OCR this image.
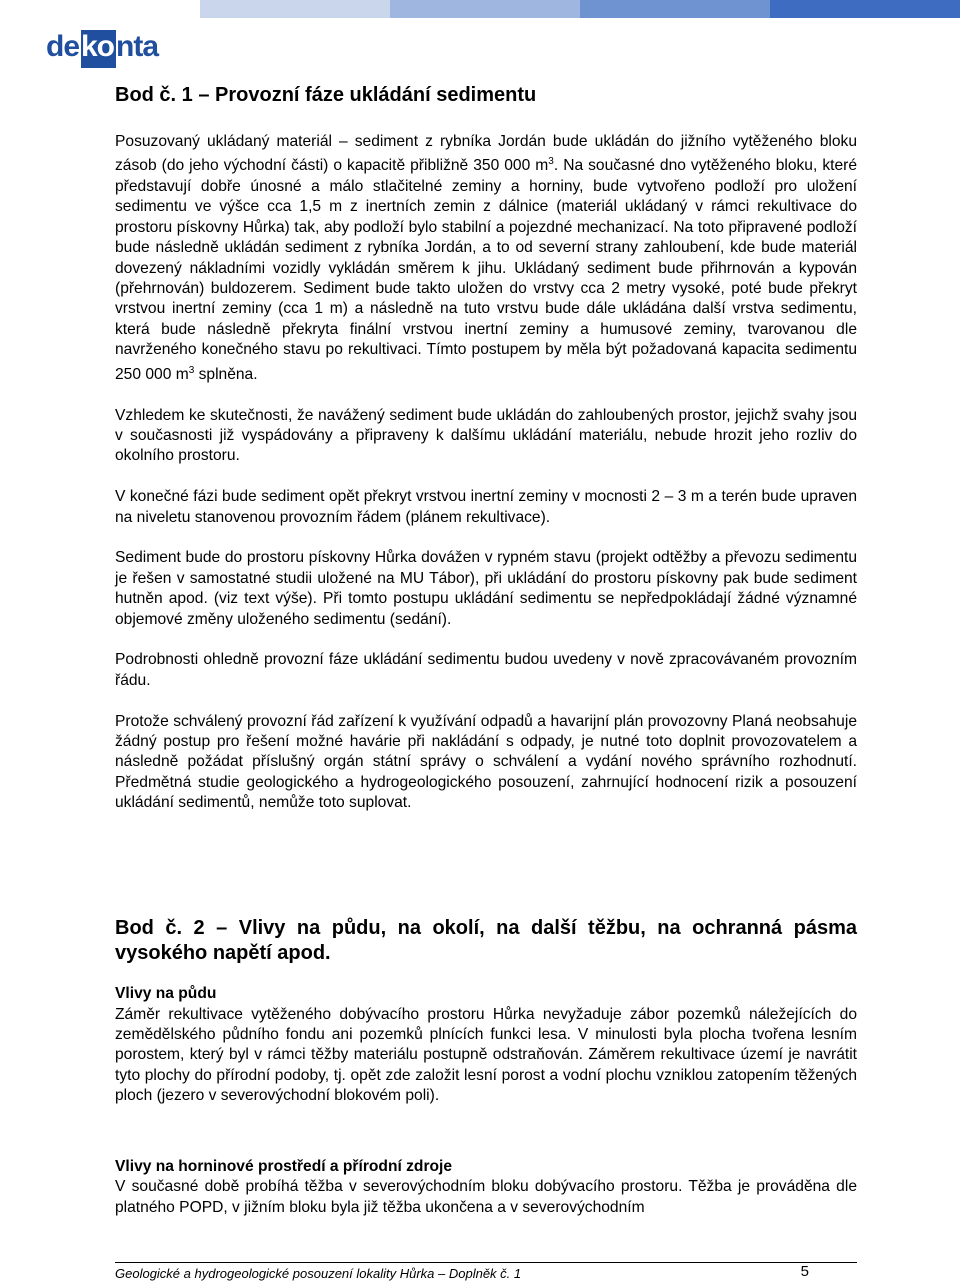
de ko nta
Bod č. 1 – Provozní fáze ukládání sedimentu

Posuzovaný ukládaný materiál – sediment z rybníka Jordán bude ukládán do jižního vytěženého bloku zásob (do jeho východní části) o kapacitě přibližně 350 000 $m^3$. Na současné dno vytěženého bloku, které představují dobře únosné a málo stlačitelné zeminy a horniny, bude vytvořeno podloží pro uložení sedimentu ve výšce cca 1,5 m z inertních zemin z dálnice (materiál ukládaný v rámci rekultivace do prostoru pískovny Hůrka) tak, aby podloží bylo stabilní a pojezdné mechanizací. Na toto připravené podloží bude následně ukládán sediment z rybníka Jordán, a to od severní strany zahloubení, kde bude materiál dovezený nákladními vozidly vykládán směrem k jihu. Ukládaný sediment bude přihrnován a kypován (přehrnován) buldozerem. Sediment bude takto uložen do vrstvy cca 2 metry vysoké, poté bude překryt vrstvou inertní zeminy (cca 1 m) a následně na tuto vrstvu bude dále ukládána další vrstva sedimentu, která bude následně překryta finální vrstvou inertní zeminy a humusové zeminy, tvarovanou dle navrženého konečného stavu po rekultivaci. Tímto postupem by měla být požadovaná kapacita sedimentu 250 000 $m^3$ splněna.

Vzhledem ke skutečnosti, že navážený sediment bude ukládán do zahloubených prostor, jejichž svahy jsou v současnosti již vyspádovány a připraveny k dalšímu ukládání materiálu, nebude hrozit jeho rozliv do okolního prostoru.

V konečné fázi bude sediment opět překryt vrstvou inertní zeminy v mocnosti 2 – 3 m a terén bude upraven na niveletu stanovenou provozním řádem (plánem rekultivace).

Sediment bude do prostoru pískovny Hůrka dovážen v rypném stavu (projekt odtěžby a převozu sedimentu je řešen v samostatné studii uložené na MU Tábor), při ukládání do prostoru pískovny pak bude sediment hutněn apod. (viz text výše). Při tomto postupu ukládání sedimentu se nepředpokládají žádné významné objemové změny uloženého sedimentu (sedání).

Podrobnosti ohledně provozní fáze ukládání sedimentu budou uvedeny v nově zpracovávaném provozním řádu.

Protože schválený provozní řád zařízení k využívání odpadů a havarijní plán provozovny Planá neobsahuje žádný postup pro řešení možné havárie při nakládání s odpady, je nutné toto doplnit provozovatelem a následně požádat příslušný orgán státní správy o schválení a vydání nového správního rozhodnutí. Předmětná studie geologického a hydrogeologického posouzení, zahrnující hodnocení rizik a posouzení ukládání sedimentů, nemůže toto suplovat.

Bod č. 2 – Vlivy na půdu, na okolí, na další těžbu, na ochranná pásma vysokého napětí apod.
Vlivy na půdu

Záměr rekultivace vytěženého dobývacího prostoru Hůrka nevyžaduje zábor pozemků náležejících do zemědělského půdního fondu ani pozemků plnících funkci lesa. V minulosti byla plocha tvořena lesním porostem, který byl v rámci těžby materiálu postupně odstraňován. Záměrem rekultivace území je navrátit tyto plochy do přírodní podoby, tj. opět zde založit lesní porost a vodní plochu vzniklou zatopením těžených ploch (jezero v severovýchodní blokovém poli).

Vlivy na horninové prostředí a přírodní zdroje

V současné době probíhá těžba v severovýchodním bloku dobývacího prostoru. Těžba je prováděna dle platného POPD, v jižním bloku byla již těžba ukončena a v severovýchodním

Geologické a hydrogeologické posouzení lokality Hůrka – Doplněk č. 1	5
